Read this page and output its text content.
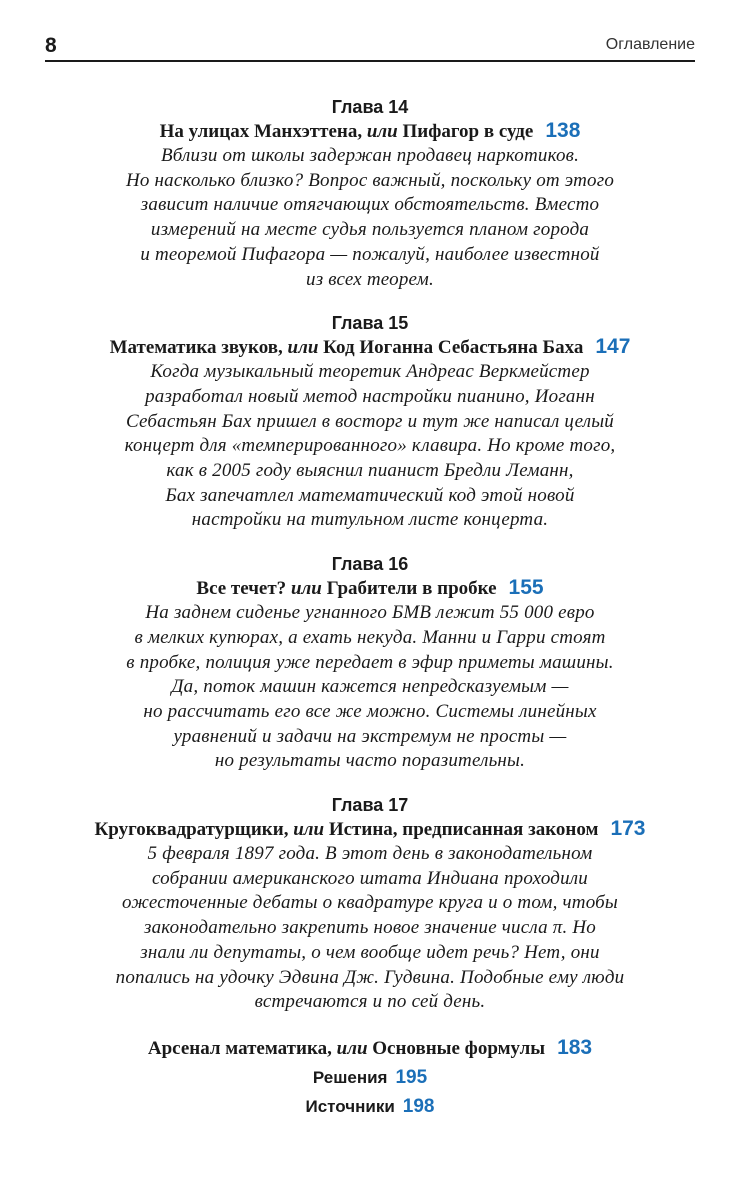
8	Оглавление
Глава 14
На улицах Манхэттена, или Пифагор в суде 138
Вблизи от школы задержан продавец наркотиков.
Но насколько близко? Вопрос важный, поскольку от этого
зависит наличие отягчающих обстоятельств. Вместо
измерений на месте судья пользуется планом города
и теоремой Пифагора — пожалуй, наиболее известной
из всех теорем.
Глава 15
Математика звуков, или Код Иоганна Себастьяна Баха 147
Когда музыкальный теоретик Андреас Веркмейстер
разработал новый метод настройки пианино, Иоганн
Себастьян Бах пришел в восторг и тут же написал целый
концерт для «темперированного» клавира. Но кроме того,
как в 2005 году выяснил пианист Бредли Леманн,
Бах запечатлел математический код этой новой
настройки на титульном листе концерта.
Глава 16
Все течет? или Грабители в пробке 155
На заднем сиденье угнанного БМВ лежит 55 000 евро
в мелких купюрах, а ехать некуда. Манни и Гарри стоят
в пробке, полиция уже передает в эфир приметы машины.
Да, поток машин кажется непредсказуемым —
но рассчитать его все же можно. Системы линейных
уравнений и задачи на экстремум не просты —
но результаты часто поразительны.
Глава 17
Кругоквадратурщики, или Истина, предписанная законом 173
5 февраля 1897 года. В этот день в законодательном
собрании американского штата Индиана проходили
ожесточенные дебаты о квадратуре круга и о том, чтобы
законодательно закрепить новое значение числа π. Но
знали ли депутаты, о чем вообще идет речь? Нет, они
попались на удочку Эдвина Дж. Гудвина. Подобные ему люди
встречаются и по сей день.
Арсенал математика, или Основные формулы 183
Решения 195
Источники 198
